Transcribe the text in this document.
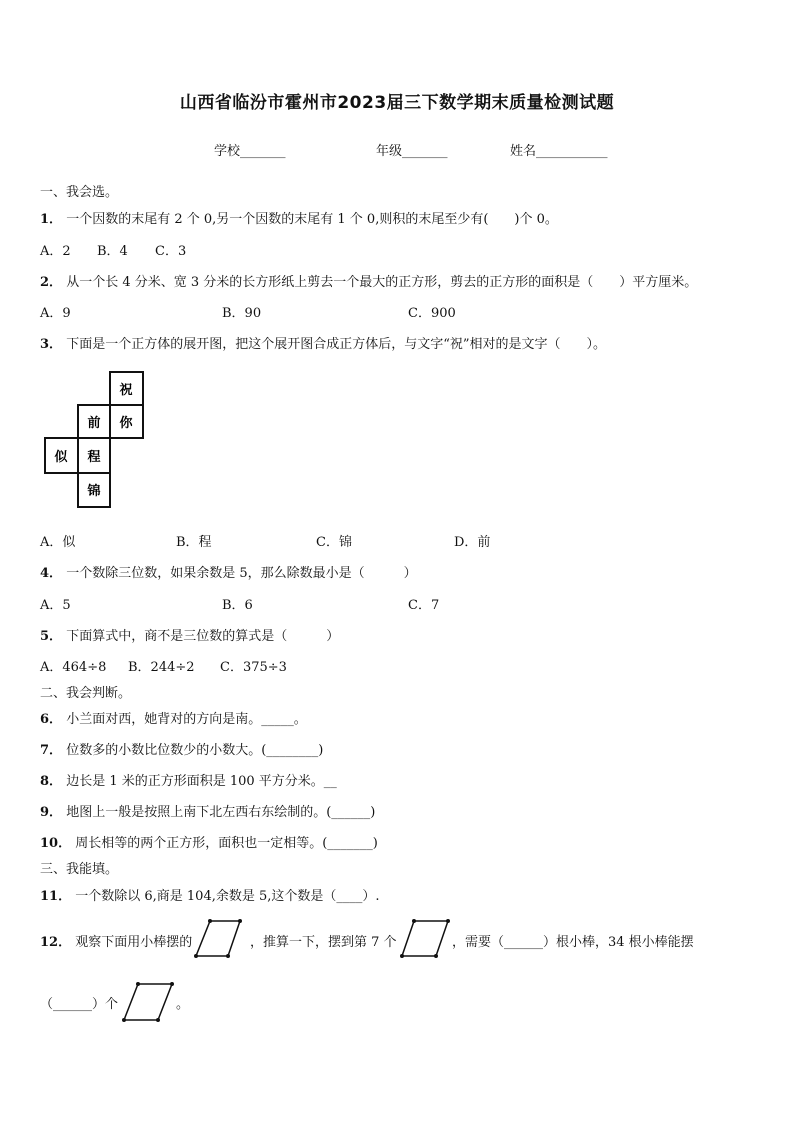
山西省临汾市霍州市2023届三下数学期末质量检测试题
学校_______	年级_______	姓名___________
一、我会选。
1． 一个因数的末尾有 2 个 0,另一个因数的末尾有 1 个 0,则积的末尾至少有(　　)个 0。
A．2 B．4 C．3
2． 从一个长 4 分米、宽 3 分米的长方形纸上剪去一个最大的正方形，剪去的正方形的面积是（　　）平方厘米。
A．9	B．90	C．900
3． 下面是一个正方体的展开图，把这个展开图合成正方体后，与文字“祝”相对的是文字（　　）。
祝
前 你
似 程
锦
A．似	B．程	C．锦	D．前
4． 一个数除三位数，如果余数是 5，那么除数最小是（　　　）
A．5	B．6	C．7
5． 下面算式中，商不是三位数的算式是（　　　）
A．464÷8 B．244÷2 C．375÷3
二、我会判断。
6． 小兰面对西，她背对的方向是南。_____。
7． 位数多的小数比位数少的小数大。(________)
8． 边长是 1 米的正方形面积是 100 平方分米。__
9． 地图上一般是按照上南下北左西右东绘制的。(______)
10． 周长相等的两个正方形，面积也一定相等。(_______)
三、我能填。
11． 一个数除以 6,商是 104,余数是 5,这个数是（____）.
12． 观察下面用小棒摆的	，推算一下，摆到第 7 个	，需要（______）根小棒，34 根小棒能摆
（______）个	。
